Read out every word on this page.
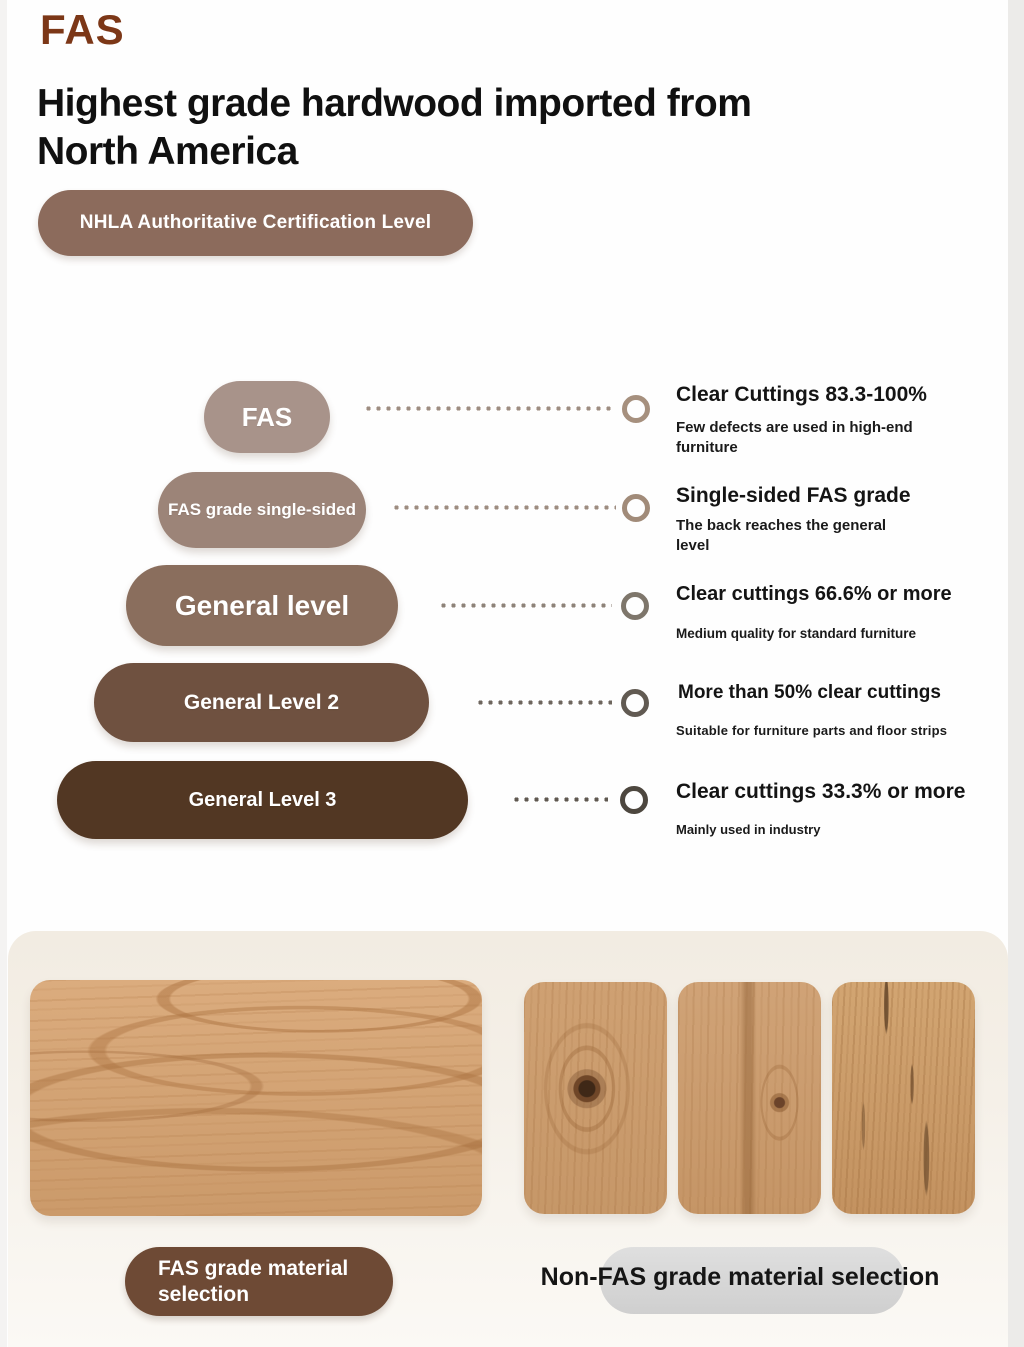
FAS
Highest grade hardwood imported from
North America
NHLA Authoritative Certification Level
FAS
Clear Cuttings 83.3-100%
Few defects are used in high-end furniture
FAS grade single-sided
Single-sided FAS grade
The back reaches the general level
General level	Clear cuttings 66.6% or more
Medium quality for standard furniture
General Level 2	More than 50% clear cuttings
Suitable for furniture parts and floor strips
General Level 3	Clear cuttings 33.3% or more
Mainly used in industry
FAS grade material selection
Non-FAS grade material selection
